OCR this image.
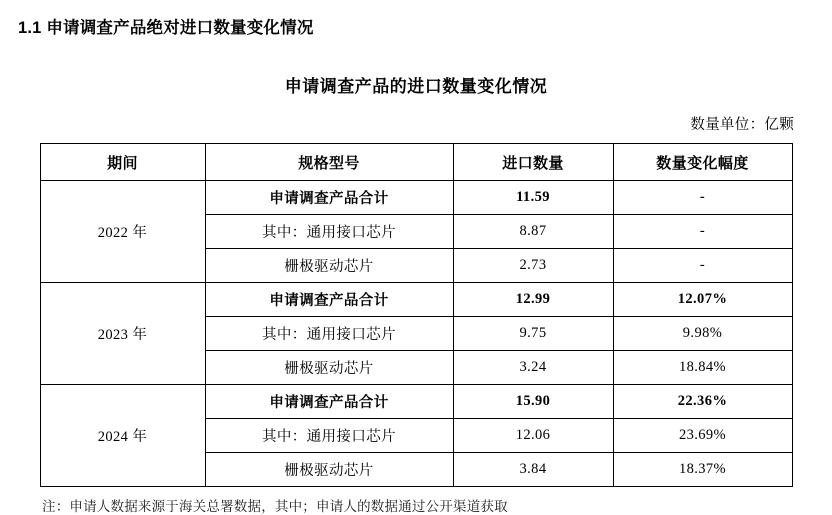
1.1 申请调查产品绝对进口数量变化情况
申请调查产品的进口数量变化情况
数量单位：亿颗
期间	规格型号	进口数量	数量变化幅度
2022 年	申请调查产品合计	11.59	-
	其中：通用接口芯片	8.87	-
	栅极驱动芯片	2.73	-
2023 年	申请调查产品合计	12.99	12.07%
	其中：通用接口芯片	9.75	9.98%
	栅极驱动芯片	3.24	18.84%
2024 年	申请调查产品合计	15.90	22.36%
	其中：通用接口芯片	12.06	23.69%
	栅极驱动芯片	3.84	18.37%
注：申请人数据来源于海关总署数据，其中；申请人的数据通过公开渠道获取
